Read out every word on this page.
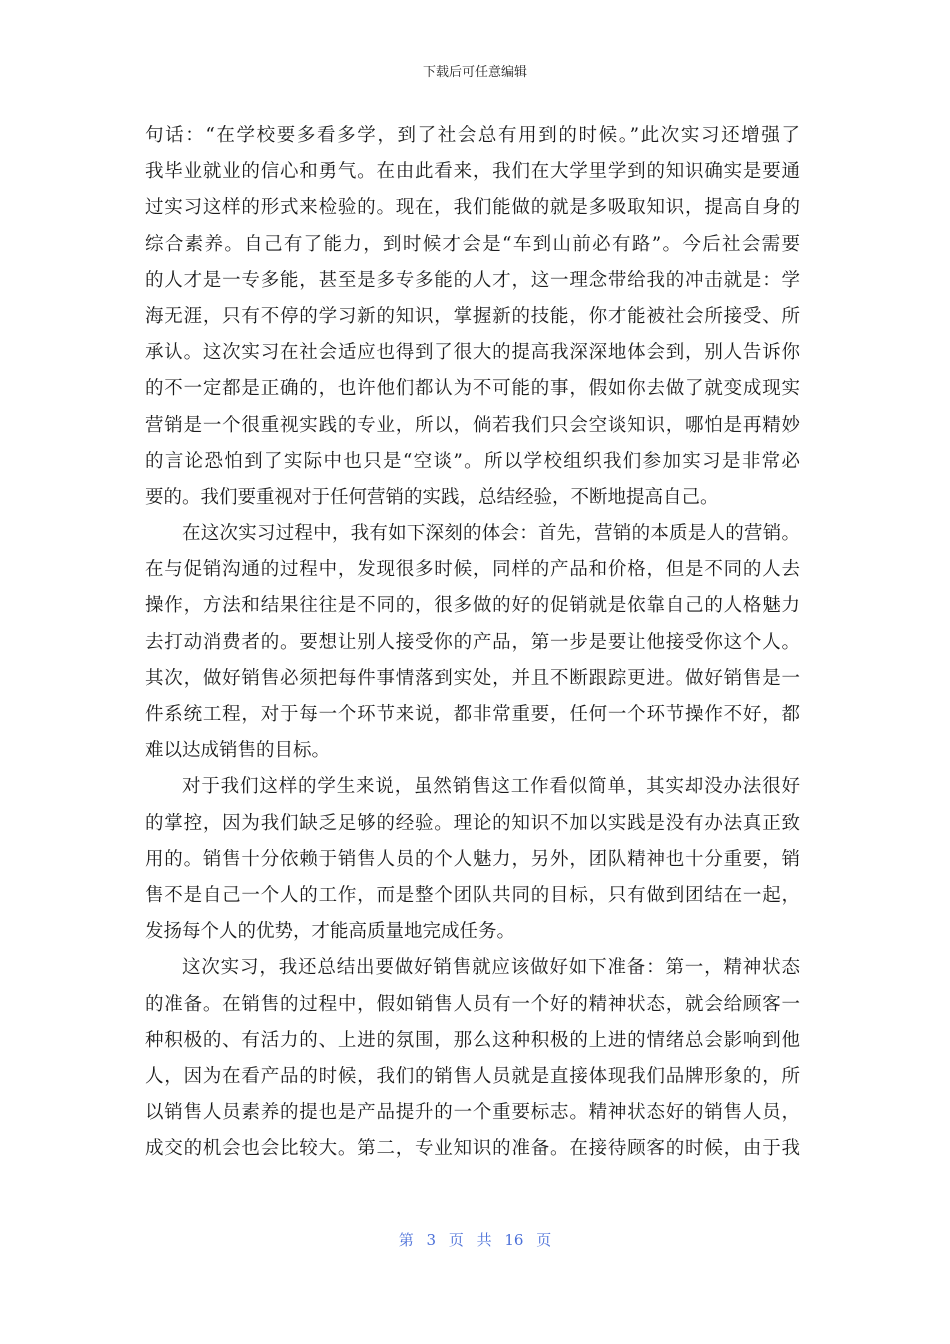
下载后可任意编辑
句话：“在学校要多看多学，到了社会总有用到的时候。”此次实习还增强了
我毕业就业的信心和勇气。在由此看来，我们在大学里学到的知识确实是要通
过实习这样的形式来检验的。现在，我们能做的就是多吸取知识，提高自身的
综合素养。自己有了能力，到时候才会是“车到山前必有路”。今后社会需要
的人才是一专多能，甚至是多专多能的人才，这一理念带给我的冲击就是：学
海无涯，只有不停的学习新的知识，掌握新的技能，你才能被社会所接受、所
承认。这次实习在社会适应也得到了很大的提高我深深地体会到，别人告诉你
的不一定都是正确的，也许他们都认为不可能的事，假如你去做了就变成现实
营销是一个很重视实践的专业，所以，倘若我们只会空谈知识，哪怕是再精妙
的言论恐怕到了实际中也只是“空谈”。所以学校组织我们参加实习是非常必
要的。我们要重视对于任何营销的实践，总结经验，不断地提高自己。
在这次实习过程中，我有如下深刻的体会：首先，营销的本质是人的营销。
在与促销沟通的过程中，发现很多时候，同样的产品和价格，但是不同的人去
操作，方法和结果往往是不同的，很多做的好的促销就是依靠自己的人格魅力
去打动消费者的。要想让别人接受你的产品，第一步是要让他接受你这个人。
其次，做好销售必须把每件事情落到实处，并且不断跟踪更进。做好销售是一
件系统工程，对于每一个环节来说，都非常重要，任何一个环节操作不好，都
难以达成销售的目标。
对于我们这样的学生来说，虽然销售这工作看似简单，其实却没办法很好
的掌控，因为我们缺乏足够的经验。理论的知识不加以实践是没有办法真正致
用的。销售十分依赖于销售人员的个人魅力，另外，团队精神也十分重要，销
售不是自己一个人的工作，而是整个团队共同的目标，只有做到团结在一起，
发扬每个人的优势，才能高质量地完成任务。
这次实习，我还总结出要做好销售就应该做好如下准备：第一，精神状态
的准备。在销售的过程中，假如销售人员有一个好的精神状态，就会给顾客一
种积极的、有活力的、上进的氛围，那么这种积极的上进的情绪总会影响到他
人，因为在看产品的时候，我们的销售人员就是直接体现我们品牌形象的，所
以销售人员素养的提也是产品提升的一个重要标志。精神状态好的销售人员，
成交的机会也会比较大。第二，专业知识的准备。在接待顾客的时候，由于我
第 3 页 共 16 页
